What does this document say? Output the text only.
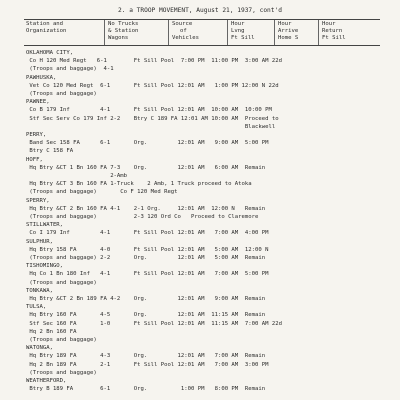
2. a TROOP MOVEMENT, August 21, 1937, cont'd
Station and
Organization
No Trucks
& Station
Wagons
Source
of
Vehicles
Hour
Lvng
Ft Sill
Hour
Arrive
Home S
Hour
Return
Ft Sill
OKLAHOMA CITY,
Co H 120 Med Regt   6-1        Ft Sill Pool  7:00 PM  11:00 PM  3:00 AM 22d
(Troops and baggage)  4-1
PAWHUSKA,
Vet Co 120 Med Regt  6-1       Ft Sill Pool 12:01 AM   1:00 PM 12:00 N 22d
(Troops and baggage)
PAWNEE,
Co B 179 Inf         4-1       Ft Sill Pool 12:01 AM  10:00 AM  10:00 PM
Stf Sec Serv Co 179 Inf 2-2    Btry C 189 FA 12:01 AM 10:00 AM  Proceed to
Blackwell
PERRY,
Band Sec 158 FA      6-1       Org.         12:01 AM   9:00 AM  5:00 PM
Btry C 158 FA
HOFF,
Hq Btry &CT 1 Bn 160 FA 7-3    Org.         12:01 AM   6:00 AM  Remain
2-Amb
Hq Btry &CT 3 Bn 160 FA 1-Truck    2 Amb, 1 Truck proceed to Atoka
(Troops and baggage)       Co F 120 Med Regt
SPERRY,
Hq Btry &CT 2 Bn 160 FA 4-1    2-1 Org.     12:01 AM  12:00 N   Remain
(Troops and baggage)           2-3 120 Ord Co   Proceed to Claremore
STILLWATER,
Co I 179 Inf         4-1       Ft Sill Pool 12:01 AM   7:00 AM  4:00 PM
SULPHUR,
Hq Btry 158 FA       4-0       Ft Sill Pool 12:01 AM   5:00 AM  12:00 N
(Troops and baggage) 2-2       Org.         12:01 AM   5:00 AM  Remain
TISHOMINGO,
Hq Co 1 Bn 180 Inf   4-1       Ft Sill Pool 12:01 AM   7:00 AM  5:00 PM
(Troops and baggage)
TONKAWA,
Hq Btry &CT 2 Bn 189 FA 4-2    Org.         12:01 AM   9:00 AM  Remain
TULSA,
Hq Btry 160 FA       4-5       Org.         12:01 AM  11:15 AM  Remain
Stf Sec 160 FA       1-0       Ft Sill Pool 12:01 AM  11:15 AM  7:00 AM 22d
Hq 2 Bn 160 FA
(Troops and baggage)
WATONGA,
Hq Btry 189 FA       4-3       Org.         12:01 AM   7:00 AM  Remain
Hq 2 Bn 189 FA       2-1       Ft Sill Pool 12:01 AM   7:00 AM  3:00 PM
(Troops and baggage)
WEATHERFORD,
Btry B 189 FA        6-1       Org.          1:00 PM   8:00 PM  Remain
